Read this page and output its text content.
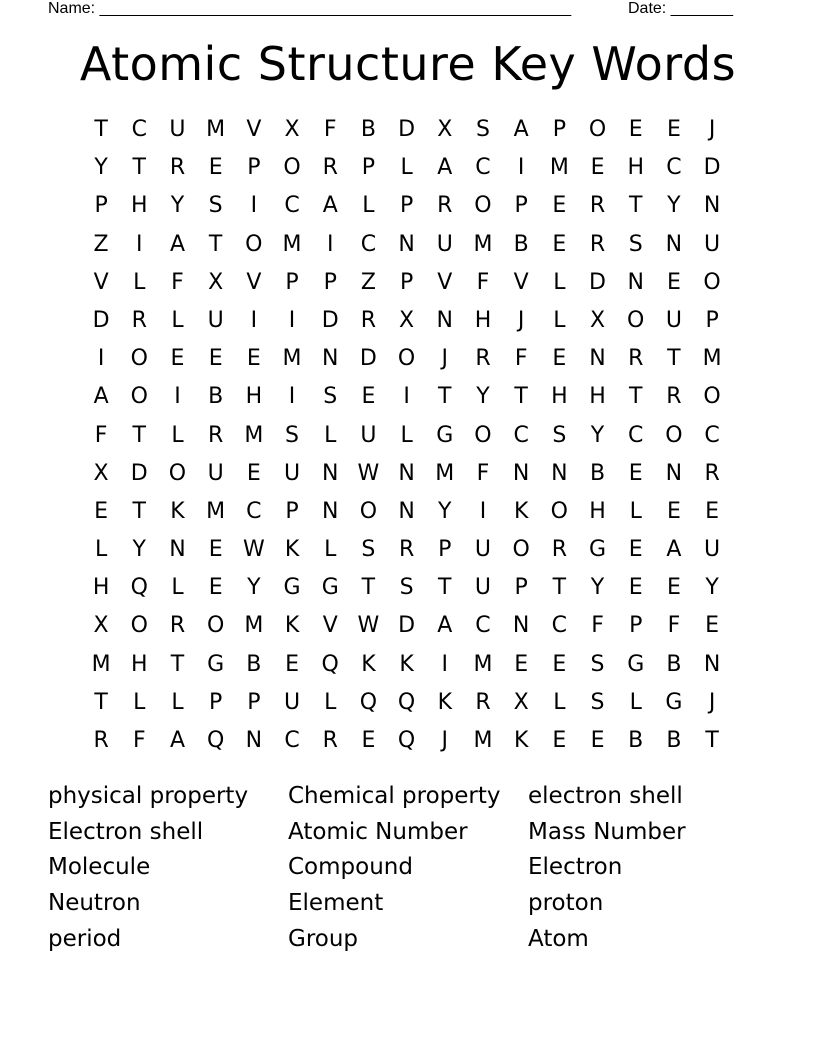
Name: _____________________________________________________	Date: _______
Atomic Structure Key Words
T	C	U M V	X	F	B	D	X	S	A	P	O	E	E	J
Y	T	R	E	P	O R	P	L	A	C	I	M E	H	C	D
P	H	Y	S	I	C	A	L	P	R O	P	E	R	T	Y	N
Z	I	A	T	O M	I	C	N U M B	E	R	S	N U
V	L	F	X	V	P	P	Z	P	V	F	V	L	D N	E	O
D	R	L	U	I	I	D	R	X	N H	J	L	X O U	P
I	O	E	E	E M N D O	J	R	F	E	N	R	T M
A O	I	B	H	I	S	E	I	T	Y	T	H H	T	R O
F	T	L	R M S	L	U	L	G O C	S	Y	C O C
X	D O U	E	U N W N M	F	N N	B	E	N	R
E	T	K M C	P	N O N	Y	I	K	O H	L	E	E
L	Y	N	E W K	L	S	R	P	U O R	G	E	A	U
H Q	L	E	Y	G G	T	S	T	U	P	T	Y	E	E	Y
X O R O M K	V W D	A	C	N	C	F	P	F	E
M H	T	G	B	E	Q	K	K	I	M E	E	S	G	B	N
T	L	L	P	P	U	L	Q Q	K	R	X	L	S	L	G	J
R	F	A Q N	C	R	E	Q	J	M K	E	E	B	B	T
physical property	Chemical property	electron shell
Electron shell	Atomic Number	Mass Number
Molecule	Compound	Electron
Neutron	Element	proton
period	Group	Atom
